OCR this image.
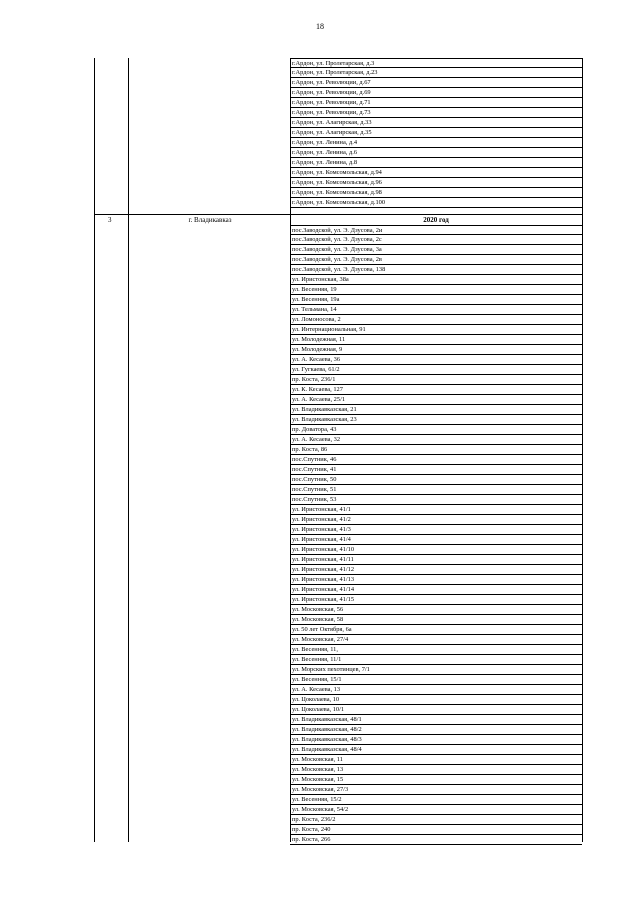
18
г.Ардон, ул. Пролетарская, д.3
г.Ардон, ул. Пролетарская, д.23
г.Ардон, ул. Революции, д.67
г.Ардон, ул. Революции, д.69
г.Ардон, ул. Революции, д.71
г.Ардон, ул. Революции, д.73
г.Ардон, ул. Алагирская, д.33
г.Ардон, ул. Алагирская, д.35
г.Ардон, ул. Ленина, д.4
г.Ардон, ул. Ленина, д.6
г.Ардон, ул. Ленина, д.8
г.Ардон, ул. Комсомольская, д.94
г.Ардон, ул. Комсомольская, д.96
г.Ардон, ул. Комсомольская, д.98
г.Ардон, ул. Комсомольская, д.100
3	г. Владикавказ	2020 год
пос.Заводской, ул. Э. Дзусова, 2и
пос.Заводской, ул. Э. Дзусова, 2с
пос.Заводской, ул. Э. Дзусова, 3а
пос.Заводской, ул. Э. Дзусова, 2в
пос.Заводской, ул. Э. Дзусова, 138
ул. Иристонская, 38а
ул. Весенняя, 19
ул. Весенняя, 19а
ул. Тельмана, 14
ул. Ломоносова, 2
ул. Интернациональная, 91
ул. Молодежная, 11
ул. Молодежная, 9
ул. А. Кесаева, 36
ул. Гугкаева, 61/2
пр. Коста, 236/1
ул. К. Кесаева, 127
ул. А. Кесаева, 25/1
ул. Владикавказская, 21
ул. Владикавказская, 23
пр. Доватора, 43
ул. А. Кесаева, 32
пр. Коста, 86
пос.Спутник, 46
пос.Спутник, 41
пос.Спутник, 50
пос.Спутник, 51
пос.Спутник, 53
ул. Иристонская, 41/1
ул. Иристонская, 41/2
ул. Иристонская, 41/3
ул. Иристонская, 41/4
ул. Иристонская, 41/10
ул. Иристонская, 41/11
ул. Иристонская, 41/12
ул. Иристонская, 41/13
ул. Иристонская, 41/14
ул. Иристонская, 41/15
ул. Московская, 56
ул. Московская, 58
ул. 50 лет Октября, 6а
ул. Московская, 27/4
ул. Весенняя, 11,
ул. Весенняя, 11/1
ул. Морских пехотинцев, 7/1
ул. Весенняя, 15/1
ул. А. Кесаева, 13
ул. Цоколаева, 10
ул. Цоколаева, 10/1
ул. Владикавказская, 48/1
ул. Владикавказская, 48/2
ул. Владикавказская, 48/3
ул. Владикавказская, 48/4
ул. Московская, 11
ул. Московская, 13
ул. Московская, 15
ул. Московская, 27/3
ул. Весенняя, 15/2
ул. Московская, 54/2
пр. Коста, 236/2
пр. Коста, 240
пр. Коста, 266
